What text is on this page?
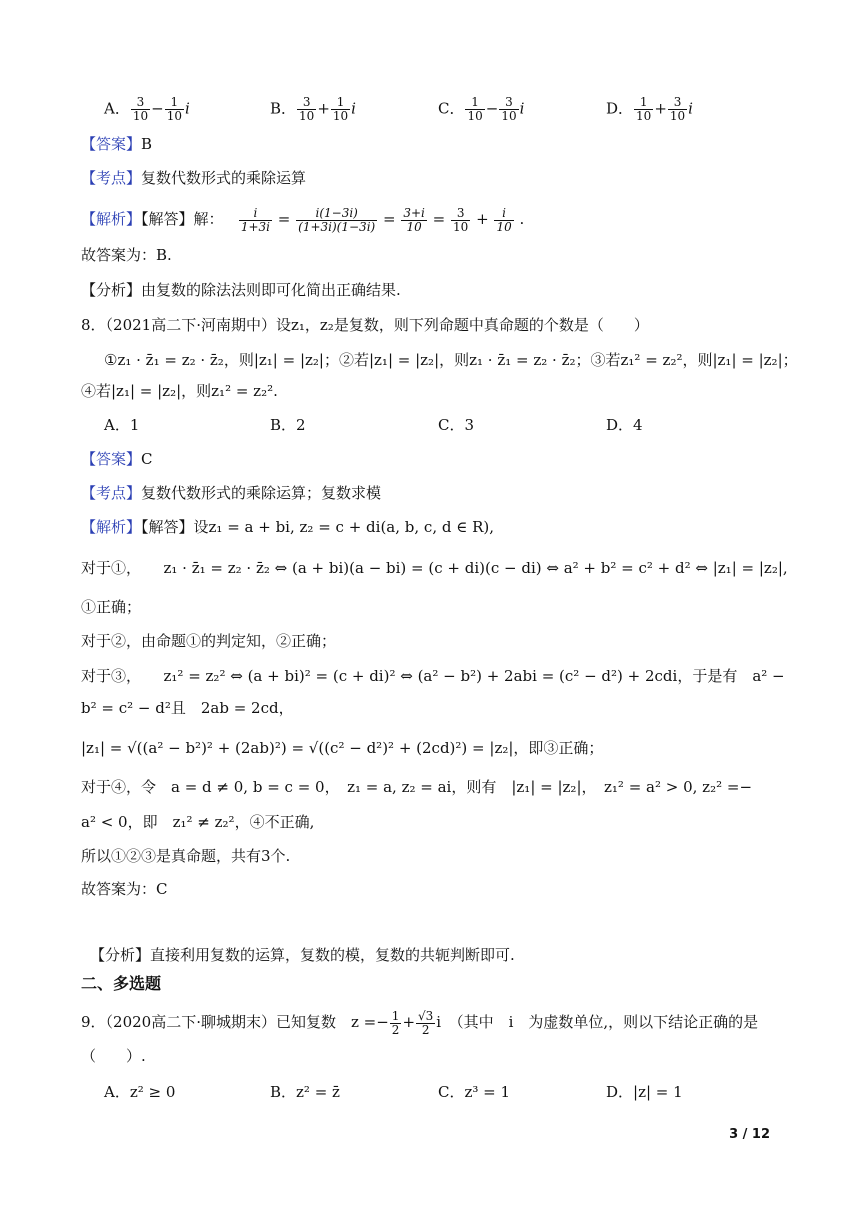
A． $\frac{3}{10} - \frac{1}{10}$ i	B． $\frac{3}{10} + \frac{1}{10}$ i	C． $\frac{1}{10} - \frac{3}{10}$ i	D． $\frac{1}{10} + \frac{3}{10}$ i
【答案】B
【考点】复数代数形式的乘除运算
【解析】【解答】解： $\frac{i}{1+3i} = \frac{i(1-3i)}{(1+3i)(1-3i)} = \frac{3+i}{10} = \frac{3}{10} + \frac{i}{10}$ .
故答案为：B.
【分析】由复数的除法法则即可化简出正确结果.
8．（2021高二下·河南期中）设z₁，z₂是复数，则下列命题中真命题的个数是（　　）
①z₁ · z̄₁ = z₂ · z̄₂，则|z₁| = |z₂|；②若|z₁| = |z₂|，则z₁ · z̄₁ = z₂ · z̄₂；③若z₁² = z₂²，则|z₁| = |z₂|；
④若|z₁| = |z₂|，则z₁² = z₂².
A．1	B．2	C．3	D．4
【答案】C
【考点】复数代数形式的乘除运算；复数求模
【解析】【解答】设z₁ = a + bi, z₂ = c + di(a, b, c, d ∈ R),
对于①，　　z₁ · z̄₁ = z₂ · z̄₂ ⇔ (a + bi)(a − bi) = (c + di)(c − di) ⇔ a² + b² = c² + d² ⇔ |z₁| = |z₂|,
①正确；
对于②，由命题①的判定知，②正确；
对于③，　　z₁² = z₂² ⇔ (a + bi)² = (c + di)² ⇔ (a² − b²) + 2abi = (c² − d²) + 2cdi，于是有　a² −
b² = c² − d²且　2ab = 2cd，
|z₁| = √((a² − b²)² + (2ab)²) = √((c² − d²)² + (2cd)²) = |z₂|，即③正确；
对于④，令　a = d ≠ 0, b = c = 0，　z₁ = a, z₂ = ai，则有　|z₁| = |z₂|，　z₁² = a² > 0, z₂² =−
a² < 0，即　z₁² ≠ z₂²，④不正确,
所以①②③是真命题，共有3个.
故答案为：C
【分析】直接利用复数的运算，复数的模，复数的共轭判断即可.
二、多选题
9．（2020高二下·聊城期末）已知复数　$z =- \frac{1}{2} + \frac{√3}{2}$ i　（其中　i　为虚数单位,，则以下结论正确的是
（　　）.
A．z² ≥ 0	B．z² = z̄	C．z³ = 1	D．|z| = 1
3 / 12
